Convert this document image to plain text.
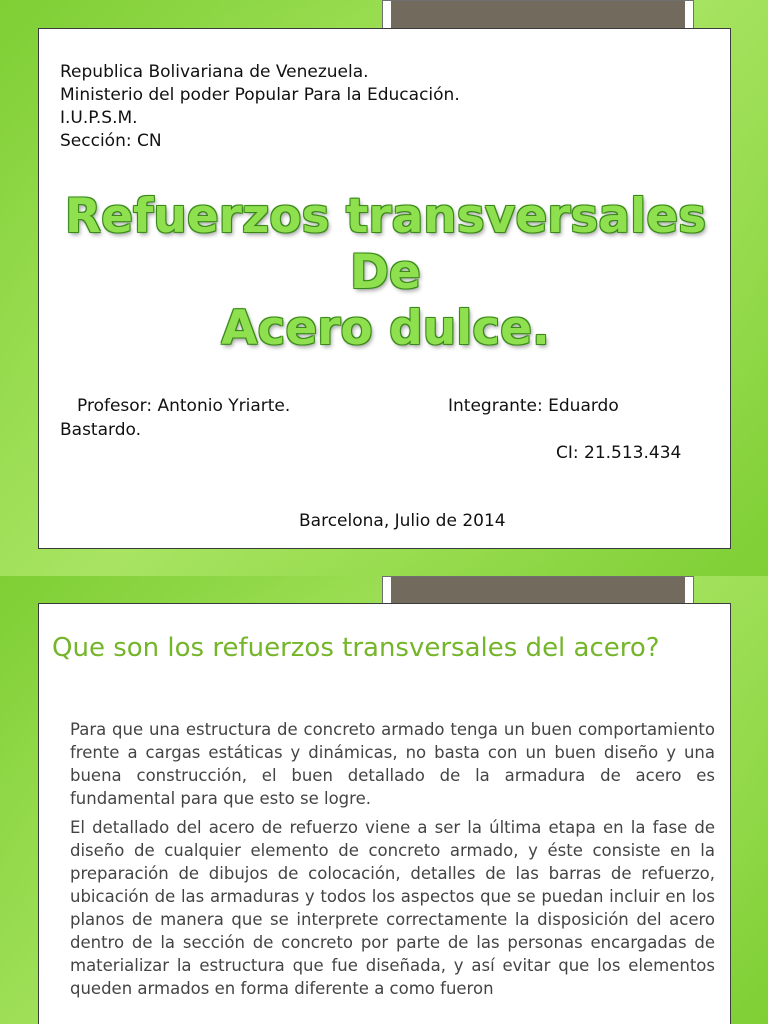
Republica Bolivariana de Venezuela.
Ministerio del poder Popular Para la Educación.
I.U.P.S.M.
Sección: CN
Refuerzos transversales
De
Acero dulce.
Profesor: Antonio Yriarte.	Integrante: Eduardo
Bastardo.
CI: 21.513.434
Barcelona, Julio de 2014
Que son los refuerzos transversales del acero?

Para que una estructura de concreto armado tenga un buen comportamiento frente a cargas estáticas y dinámicas, no basta con un buen diseño y una buena construcción, el buen detallado de la armadura de acero es fundamental para que esto se logre.

El detallado del acero de refuerzo viene a ser la última etapa en la fase de diseño de cualquier elemento de concreto armado, y éste consiste en la preparación de dibujos de colocación, detalles de las barras de refuerzo, ubicación de las armaduras y todos los aspectos que se puedan incluir en los planos de manera que se interprete correctamente la disposición del acero dentro de la sección de concreto por parte de las personas encargadas de materializar la estructura que fue diseñada, y así evitar que los elementos queden armados en forma diferente a como fueron
